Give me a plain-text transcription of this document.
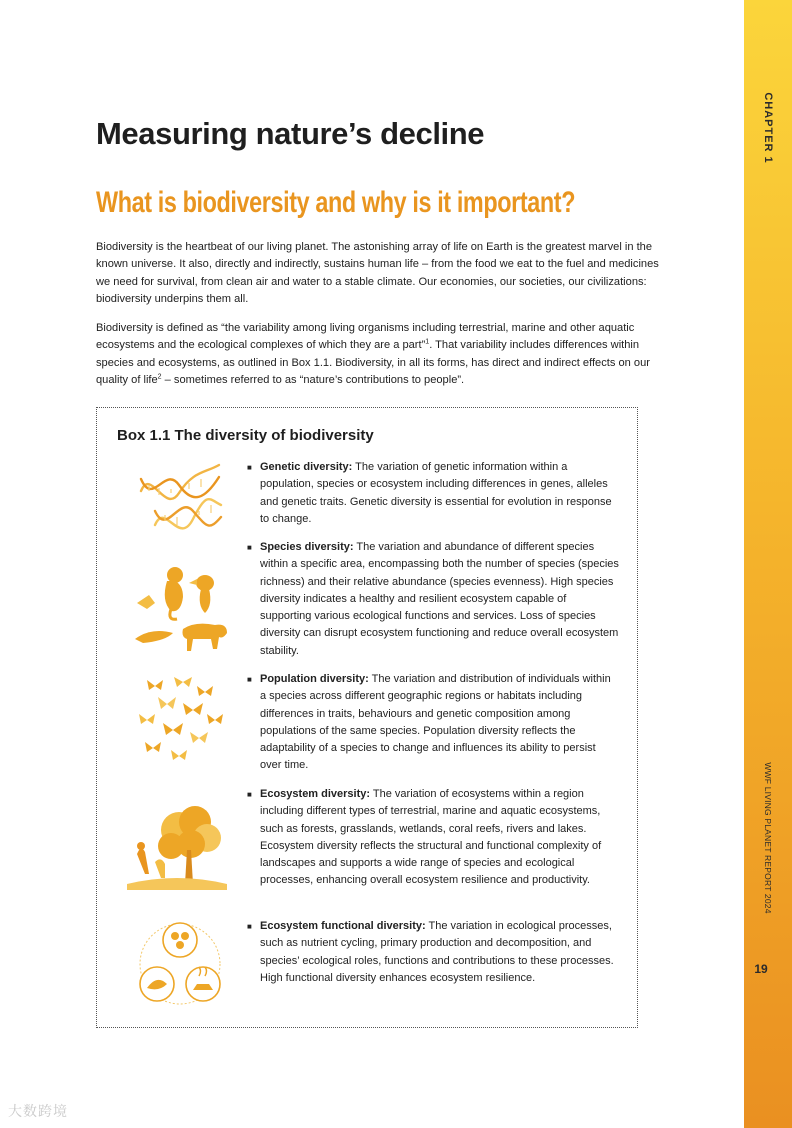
CHAPTER 1
WWF LIVING PLANET REPORT 2024
19
Measuring nature’s decline
What is biodiversity and why is it important?

Biodiversity is the heartbeat of our living planet. The astonishing array of life on Earth is the greatest marvel in the known universe. It also, directly and indirectly, sustains human life – from the food we eat to the fuel and medicines we need for survival, from clean air and water to a stable climate. Our economies, our societies, our civilizations: biodiversity underpins them all.

Biodiversity is defined as “the variability among living organisms including terrestrial, marine and other aquatic ecosystems and the ecological complexes of which they are a part”$^1$. That variability includes differences within species and ecosystems, as outlined in Box 1.1. Biodiversity, in all its forms, has direct and indirect effects on our quality of life$^2$ – sometimes referred to as “nature’s contributions to people”.

Box 1.1 The diversity of biodiversity
■ Genetic diversity: The variation of genetic information within a population, species or ecosystem including differences in genes, alleles and genetic traits. Genetic diversity is essential for evolution in response to change.
■ Species diversity: The variation and abundance of different species within a specific area, encompassing both the number of species (species richness) and their relative abundance (species evenness). High species diversity indicates a healthy and resilient ecosystem capable of supporting various ecological functions and services. Loss of species diversity can disrupt ecosystem functioning and reduce overall ecosystem stability.
■ Population diversity: The variation and distribution of individuals within a species across different geographic regions or habitats including differences in traits, behaviours and genetic composition among populations of the same species. Population diversity reflects the adaptability of a species to change and influences its ability to persist over time.
■ Ecosystem diversity: The variation of ecosystems within a region including different types of terrestrial, marine and aquatic ecosystems, such as forests, grasslands, wetlands, coral reefs, rivers and lakes. Ecosystem diversity reflects the structural and functional complexity of landscapes and supports a wide range of species and ecological processes, enhancing overall ecosystem resilience and productivity.
■ Ecosystem functional diversity: The variation in ecological processes, such as nutrient cycling, primary production and decomposition, and species’ ecological roles, functions and contributions to these processes. High functional diversity enhances ecosystem resilience.
大数跨境
